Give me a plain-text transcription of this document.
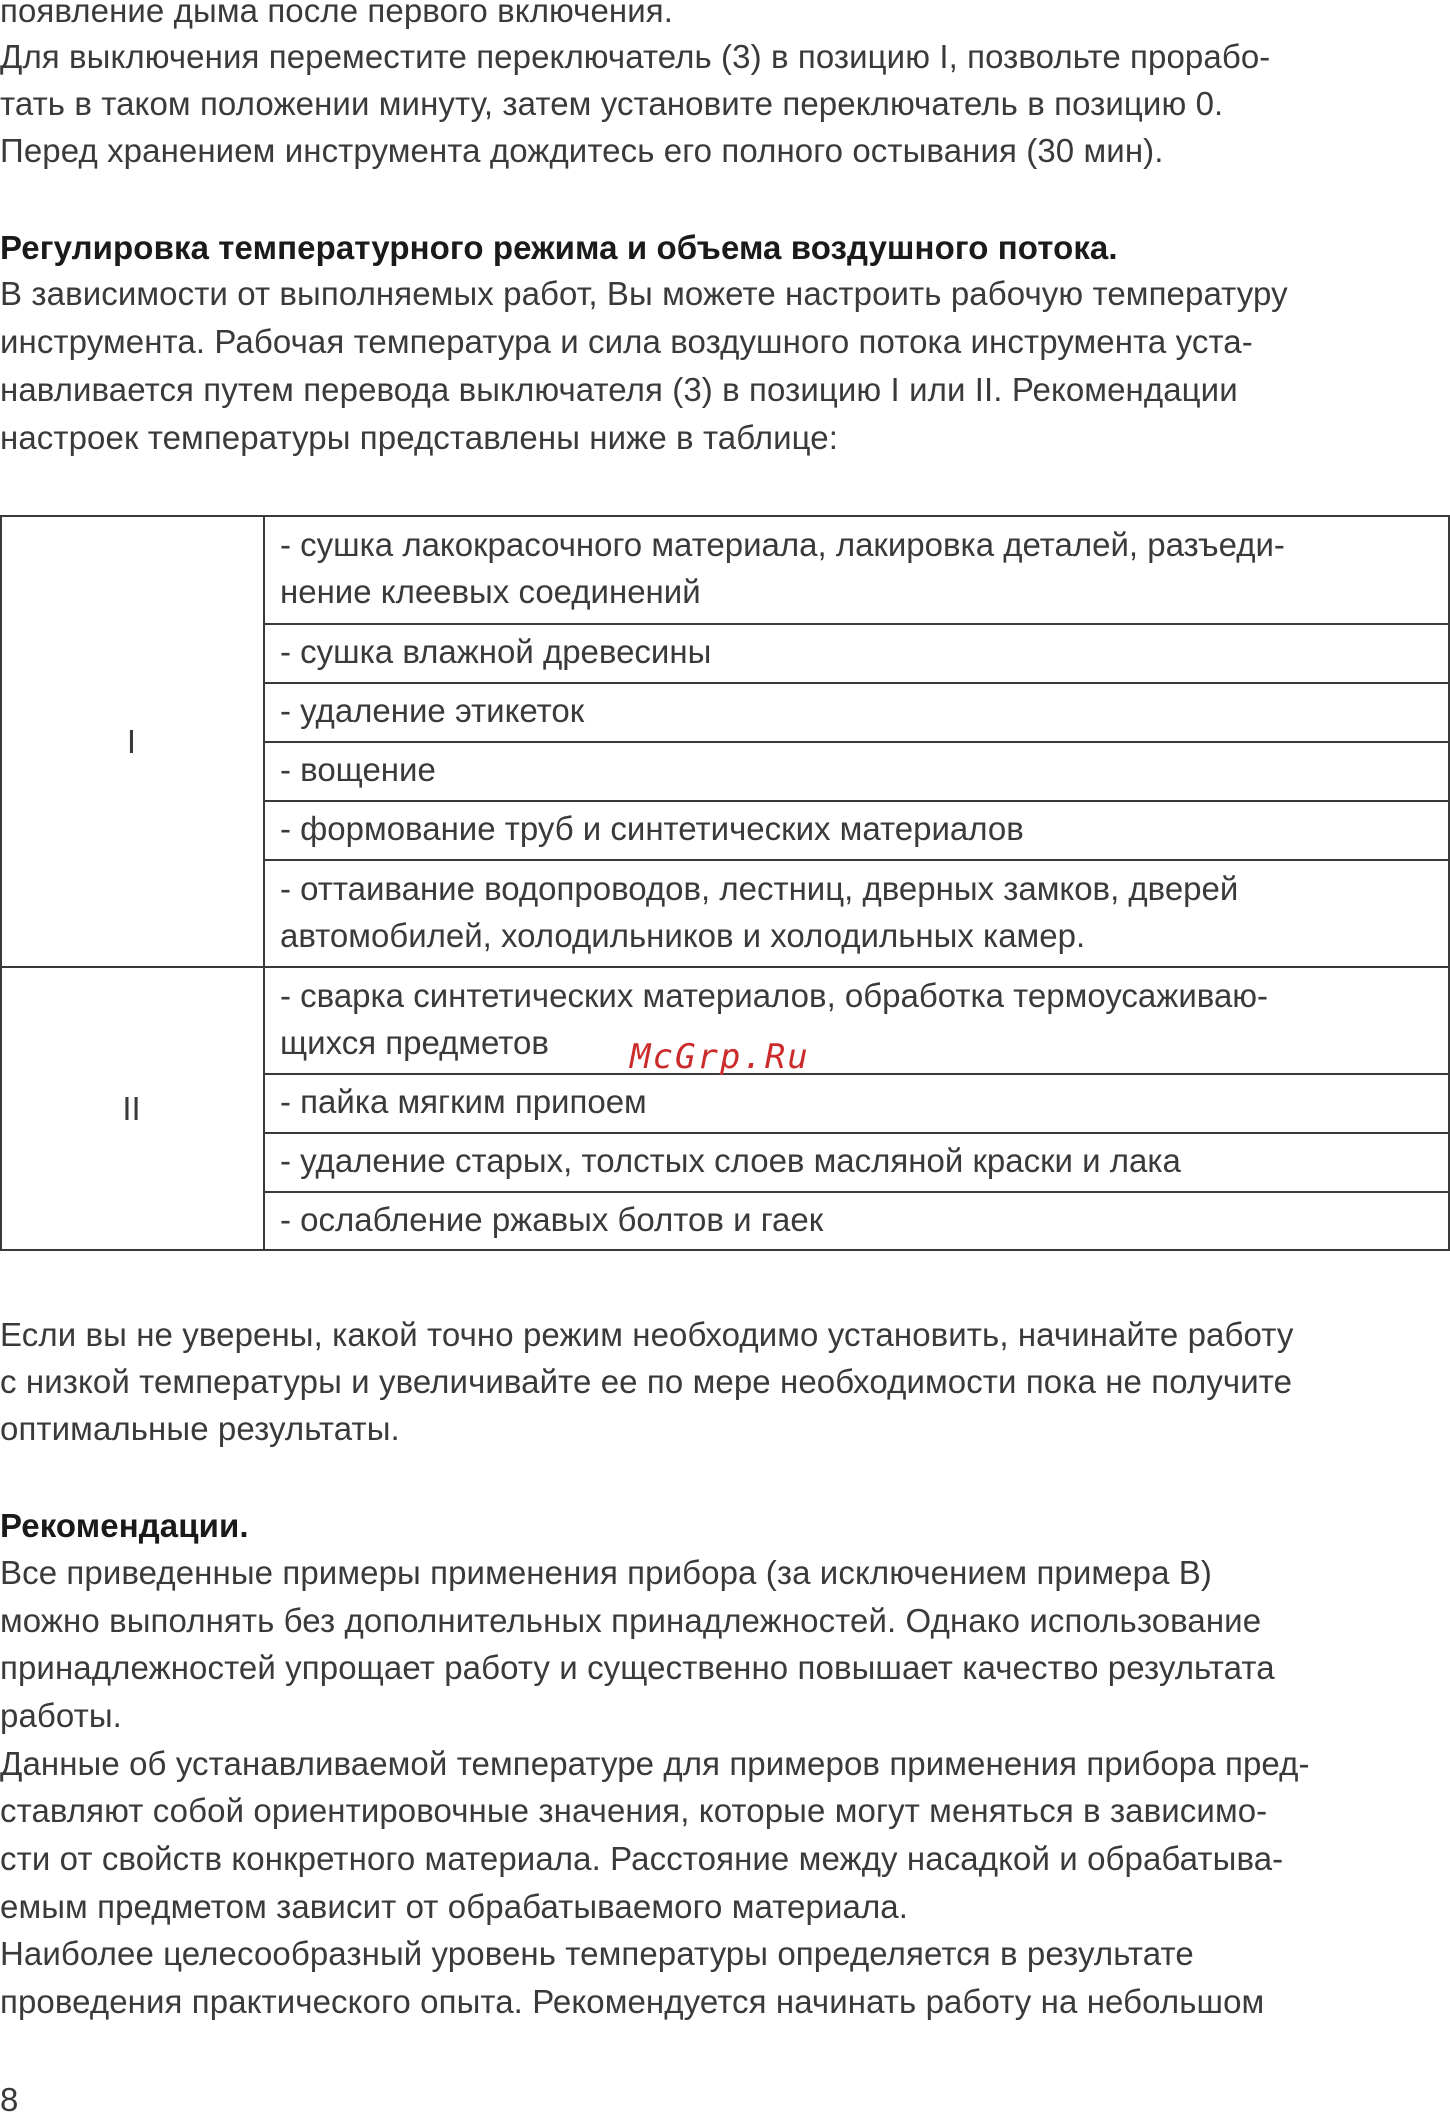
появление дыма после первого включения.
Для выключения переместите переключатель (3) в позицию I, позвольте прорабо-
тать в таком положении минуту, затем установите переключатель в позицию 0.
Перед хранением инструмента дождитесь его полного остывания (30 мин).
Регулировка температурного режима и объема воздушного потока.
В зависимости от выполняемых работ, Вы можете настроить рабочую температуру
инструмента. Рабочая температура и сила воздушного потока инструмента уста-
навливается путем перевода выключателя (3) в позицию I или II. Рекомендации
настроек температуры представлены ниже в таблице:
I
II
- сушка лакокрасочного материала, лакировка деталей, разъеди-
нение клеевых соединений
- сушка влажной древесины
- удаление этикеток
- вощение
- формование труб и синтетических материалов
- оттаивание водопроводов, лестниц, дверных замков, дверей
автомобилей, холодильников и холодильных камер.
- сварка синтетических материалов, обработка термоусаживаю-
щихся предметов
- пайка мягким припоем
- удаление старых, толстых слоев масляной краски и лака
- ослабление ржавых болтов и гаек
McGrp.Ru
Если вы не уверены, какой точно режим необходимо установить, начинайте работу
с низкой температуры и увеличивайте ее по мере необходимости пока не получите
оптимальные результаты.
Рекомендации.
Все приведенные примеры применения прибора (за исключением примера B)
можно выполнять без дополнительных принадлежностей. Однако использование
принадлежностей упрощает работу и существенно повышает качество результата
работы.
Данные об устанавливаемой температуре для примеров применения прибора пред-
ставляют собой ориентировочные значения, которые могут меняться в зависимо-
сти от свойств конкретного материала. Расстояние между насадкой и обрабатыва-
емым предметом зависит от обрабатываемого материала.
Наиболее целесообразный уровень температуры определяется в результате
проведения практического опыта. Рекомендуется начинать работу на небольшом
8
